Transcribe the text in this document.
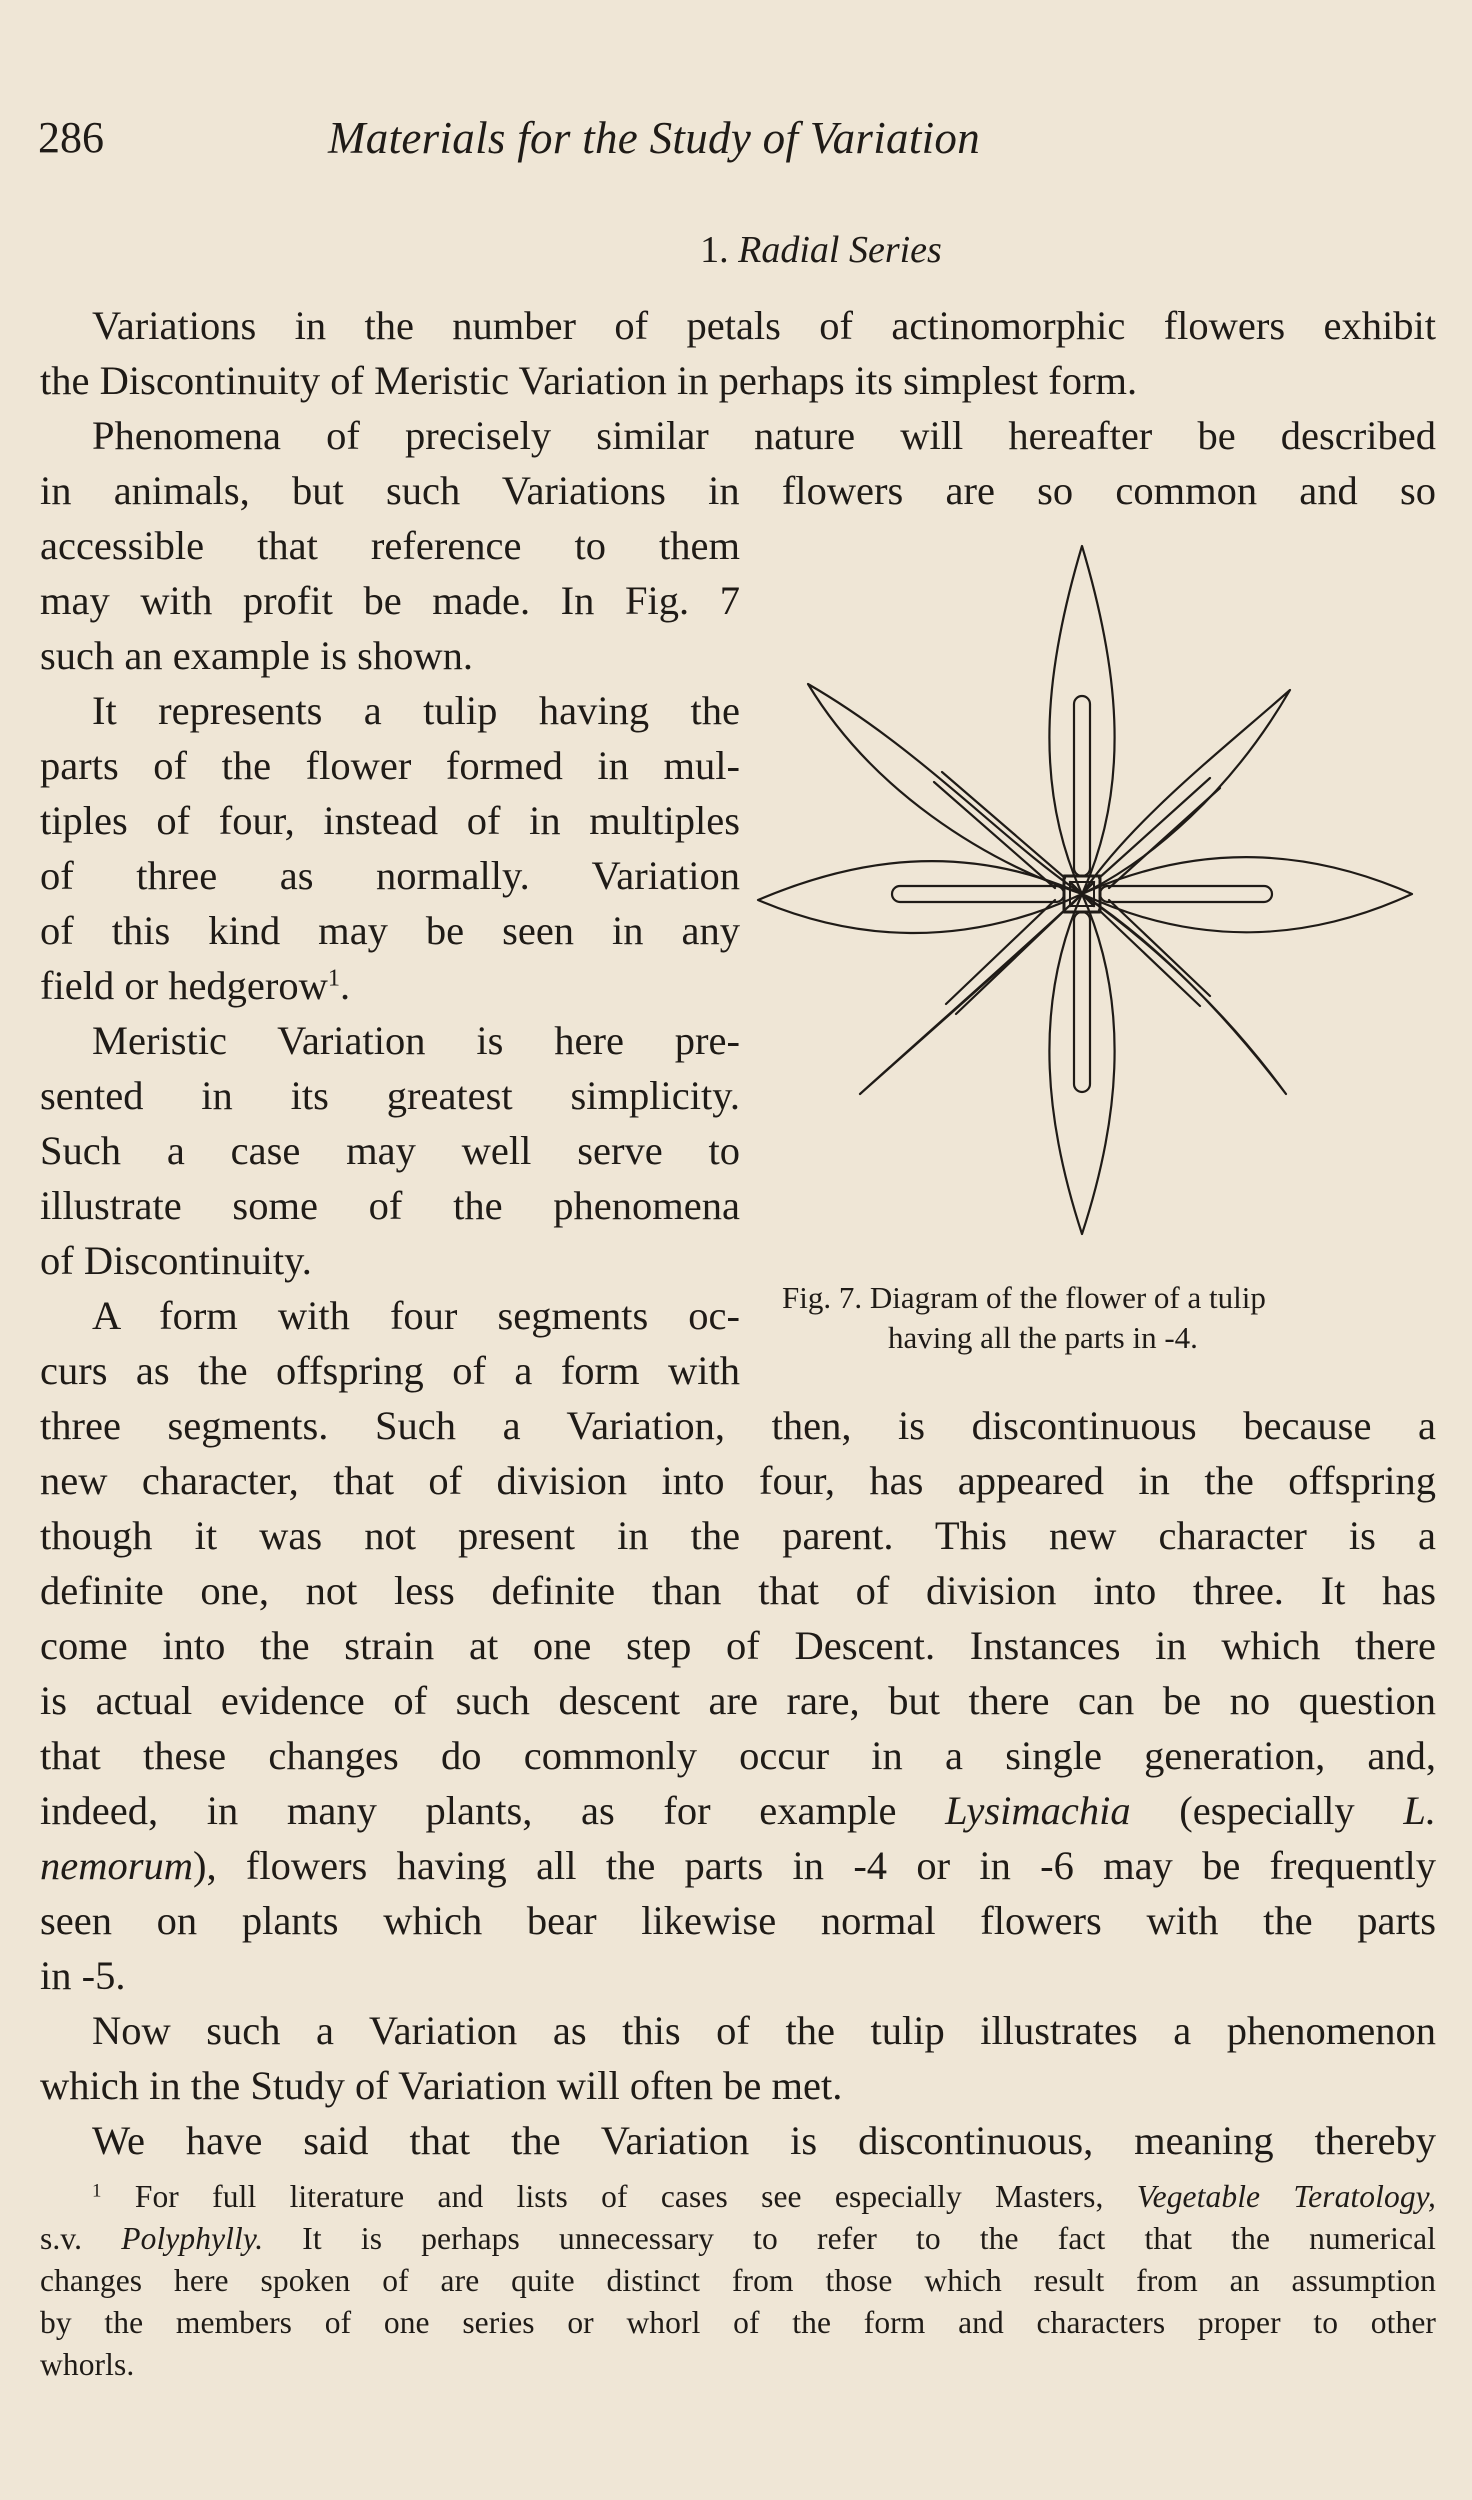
286	Materials for the Study of Variation
1. Radial Series
Variations in the number of petals of actinomorphic flowers exhibit
the Discontinuity of Meristic Variation in perhaps its simplest form.
Phenomena of precisely similar nature will hereafter be described
in animals, but such Variations in flowers are so common and so
accessible that reference to them
may with profit be made. In Fig. 7
such an example is shown.
It represents a tulip having the
parts of the flower formed in mul-
tiples of four, instead of in multiples
of three as normally. Variation
of this kind may be seen in any
field or hedgerow$^1$.
Meristic Variation is here pre-
sented in its greatest simplicity.
Such a case may well serve to
illustrate some of the phenomena
of Discontinuity.
A form with four segments oc-
curs as the offspring of a form with
Fig. 7. Diagram of the flower of a tulip
having all the parts in -4.
three segments. Such a Variation, then, is discontinuous because a
new character, that of division into four, has appeared in the offspring
though it was not present in the parent. This new character is a
definite one, not less definite than that of division into three. It has
come into the strain at one step of Descent. Instances in which there
is actual evidence of such descent are rare, but there can be no question
that these changes do commonly occur in a single generation, and,
indeed, in many plants, as for example Lysimachia (especially L.
nemorum), flowers having all the parts in -4 or in -6 may be frequently
seen on plants which bear likewise normal flowers with the parts
in -5.
Now such a Variation as this of the tulip illustrates a phenomenon
which in the Study of Variation will often be met.
We have said that the Variation is discontinuous, meaning thereby
$^1$ For full literature and lists of cases see especially Masters, Vegetable Teratology,
s.v. Polyphylly. It is perhaps unnecessary to refer to the fact that the numerical
changes here spoken of are quite distinct from those which result from an assumption
by the members of one series or whorl of the form and characters proper to other
whorls.
